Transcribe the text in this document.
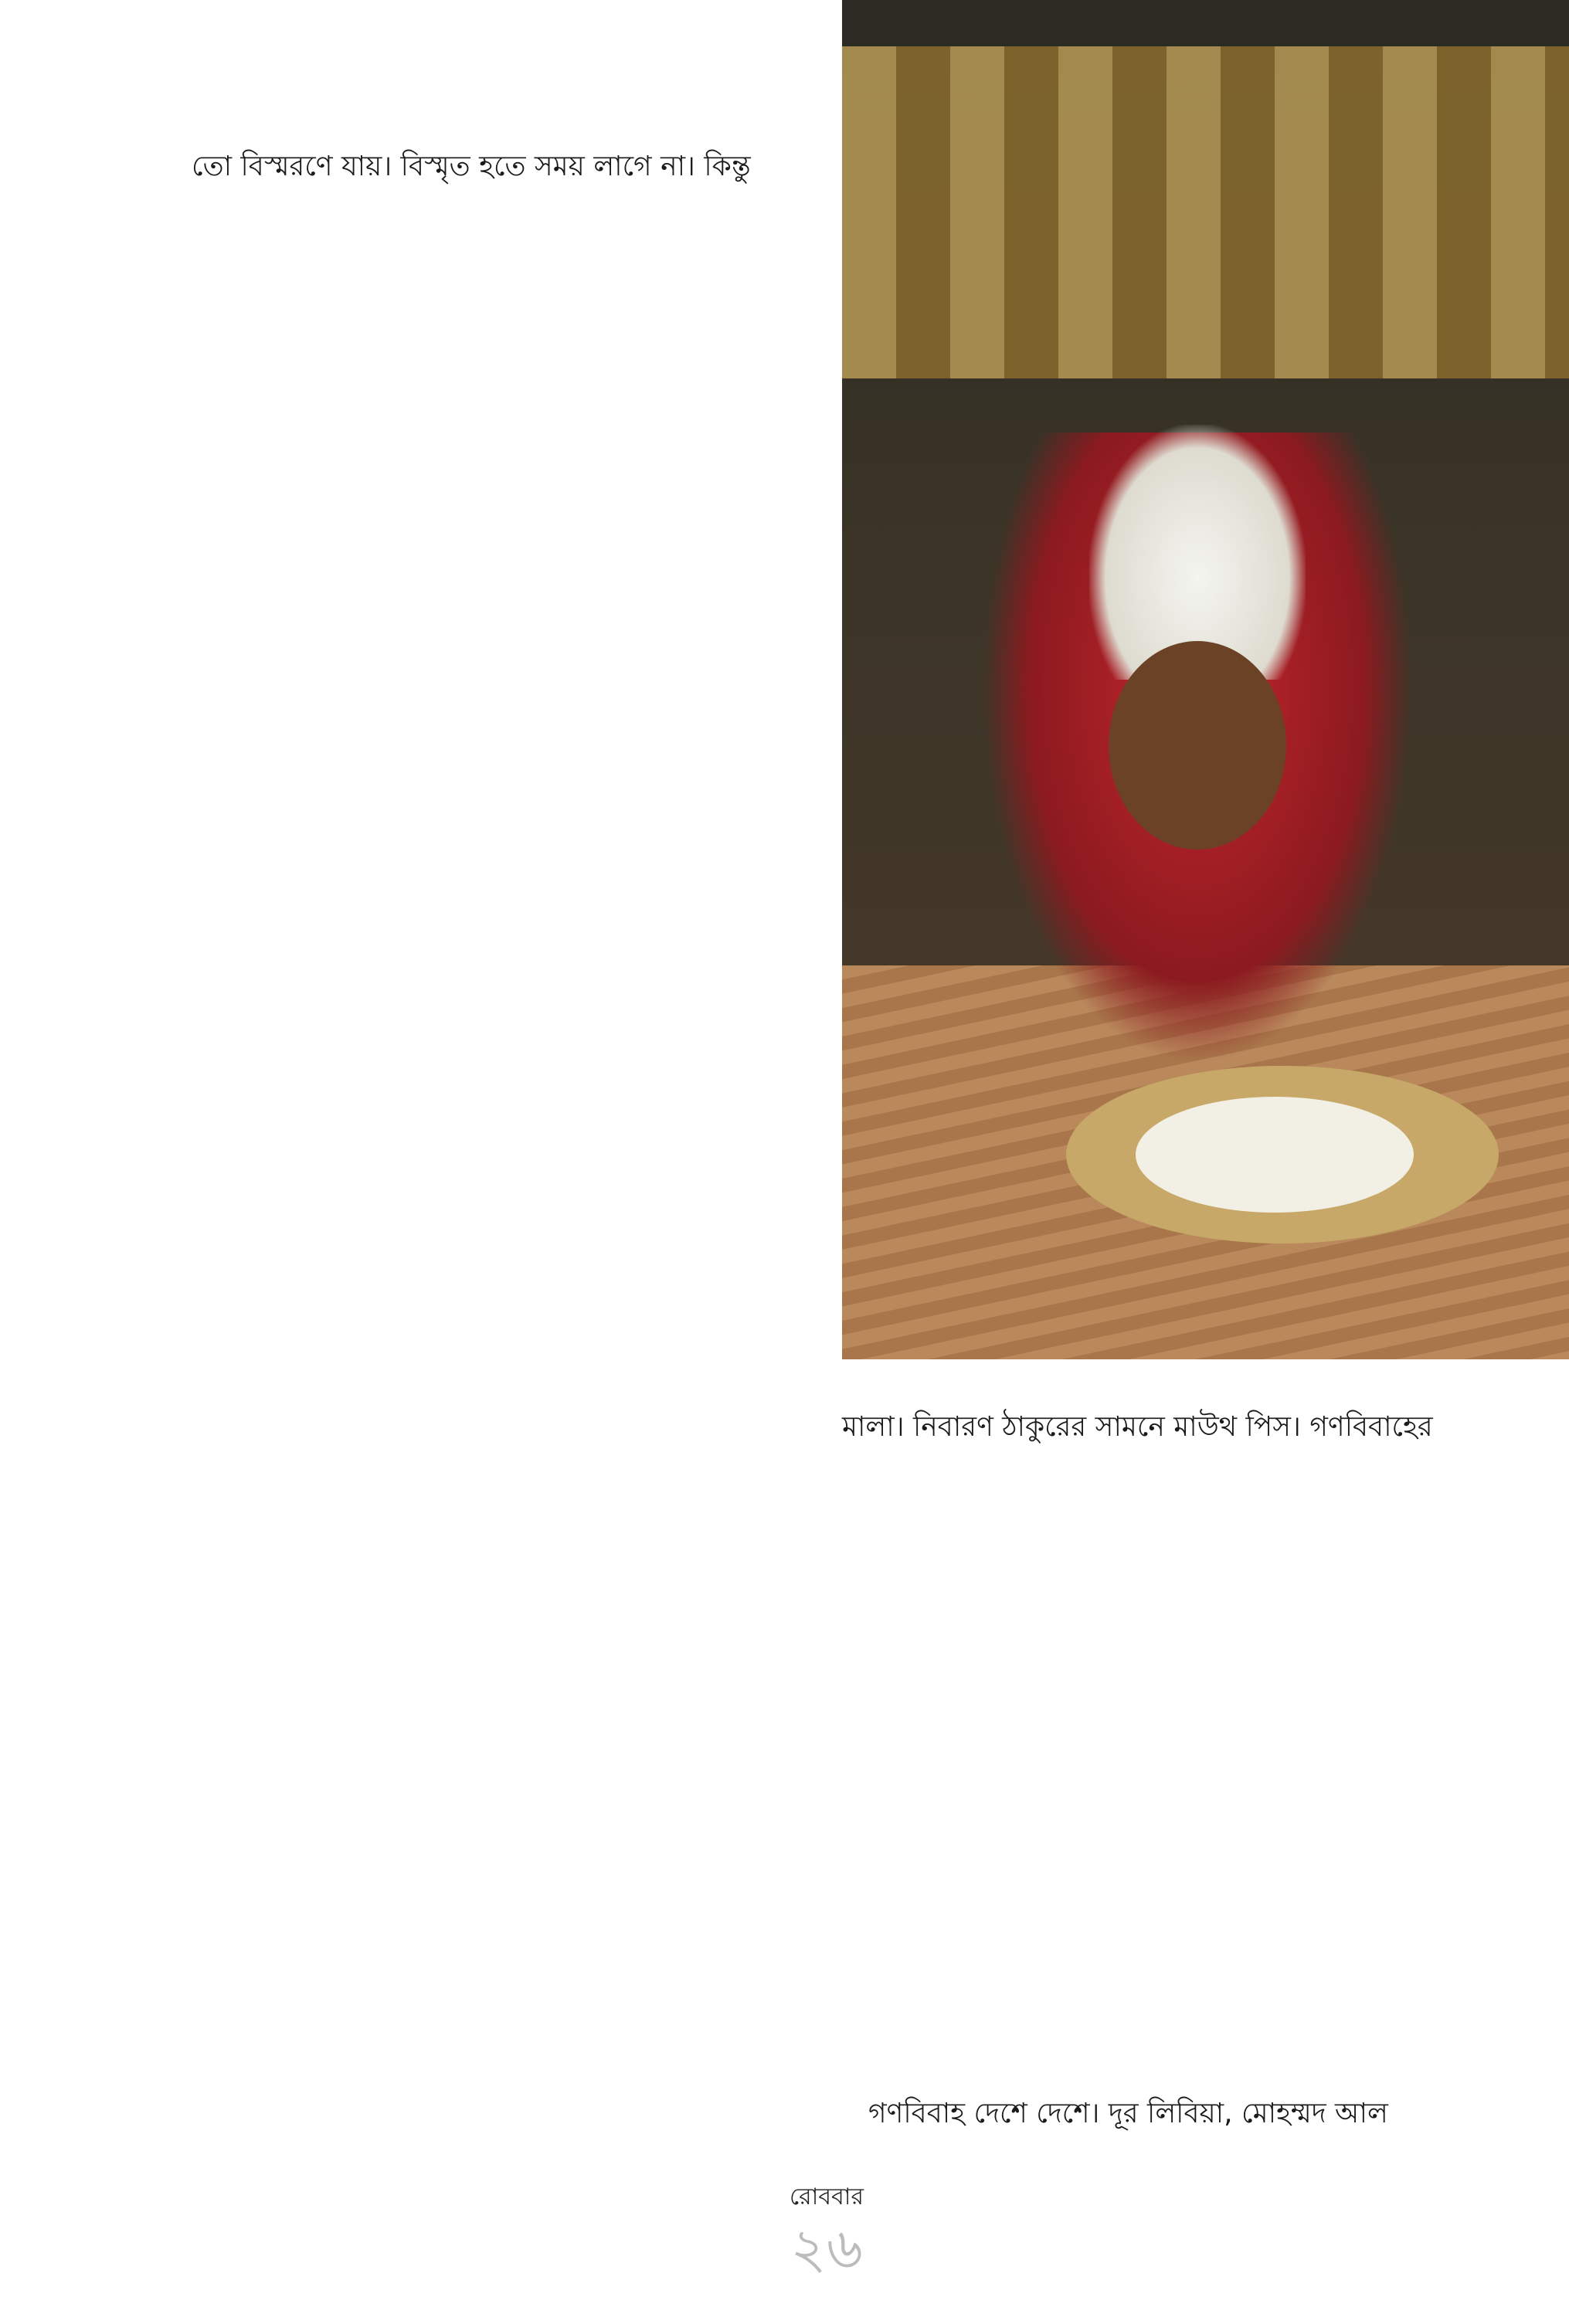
তো বিস্মরণে যায়। বিস্মৃত হতে সময় লাগে না। কিন্তু

মালা। নিবারণ ঠাকুরের সামনে মাউথ পিস। গণবিবাহের

গণবিবাহ দেশে দেশে। দূর লিবিয়া, মোহম্মদ আল

রোববার
২৬
